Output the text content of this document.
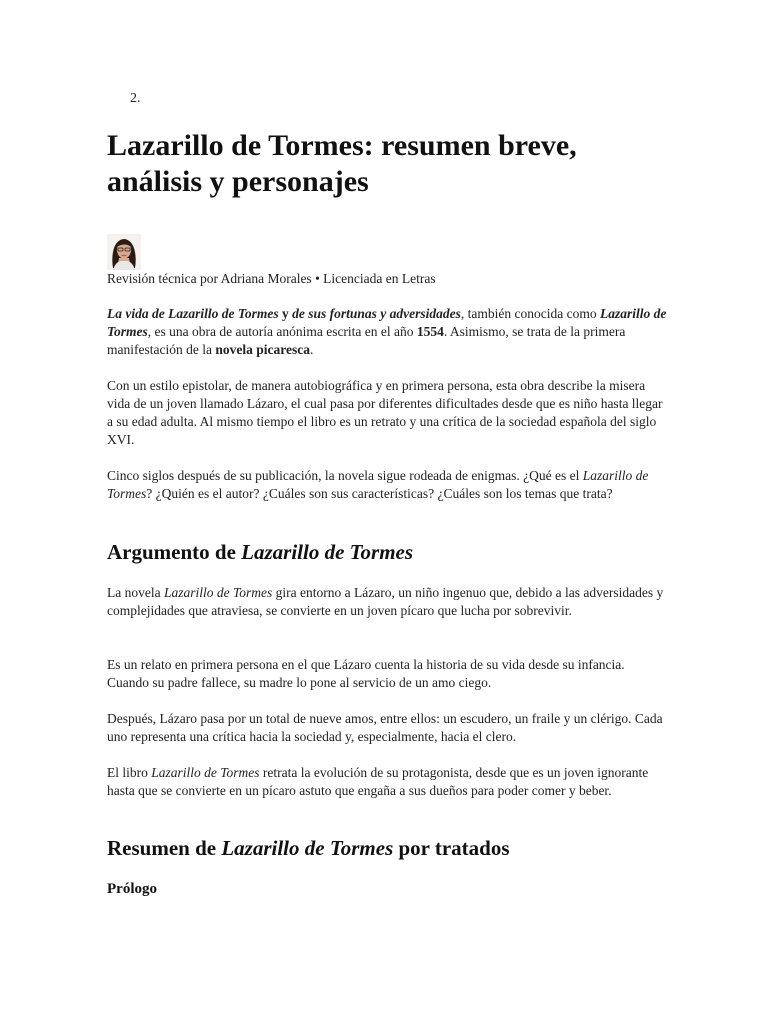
2.
Lazarillo de Tormes: resumen breve, análisis y personajes
Revisión técnica por Adriana Morales • Licenciada en Letras

La vida de Lazarillo de Tormes y de sus fortunas y adversidades, también conocida como Lazarillo de Tormes, es una obra de autoría anónima escrita en el año 1554. Asimismo, se trata de la primera manifestación de la novela picaresca.

Con un estilo epistolar, de manera autobiográfica y en primera persona, esta obra describe la misera vida de un joven llamado Lázaro, el cual pasa por diferentes dificultades desde que es niño hasta llegar a su edad adulta. Al mismo tiempo el libro es un retrato y una crítica de la sociedad española del siglo XVI.

Cinco siglos después de su publicación, la novela sigue rodeada de enigmas. ¿Qué es el Lazarillo de Tormes? ¿Quién es el autor? ¿Cuáles son sus características? ¿Cuáles son los temas que trata?

Argumento de Lazarillo de Tormes

La novela Lazarillo de Tormes gira entorno a Lázaro, un niño ingenuo que, debido a las adversidades y complejidades que atraviesa, se convierte en un joven pícaro que lucha por sobrevivir.

Es un relato en primera persona en el que Lázaro cuenta la historia de su vida desde su infancia. Cuando su padre fallece, su madre lo pone al servicio de un amo ciego.

Después, Lázaro pasa por un total de nueve amos, entre ellos: un escudero, un fraile y un clérigo. Cada uno representa una crítica hacia la sociedad y, especialmente, hacia el clero.

El libro Lazarillo de Tormes retrata la evolución de su protagonista, desde que es un joven ignorante hasta que se convierte en un pícaro astuto que engaña a sus dueños para poder comer y beber.

Resumen de Lazarillo de Tormes por tratados
Prólogo
